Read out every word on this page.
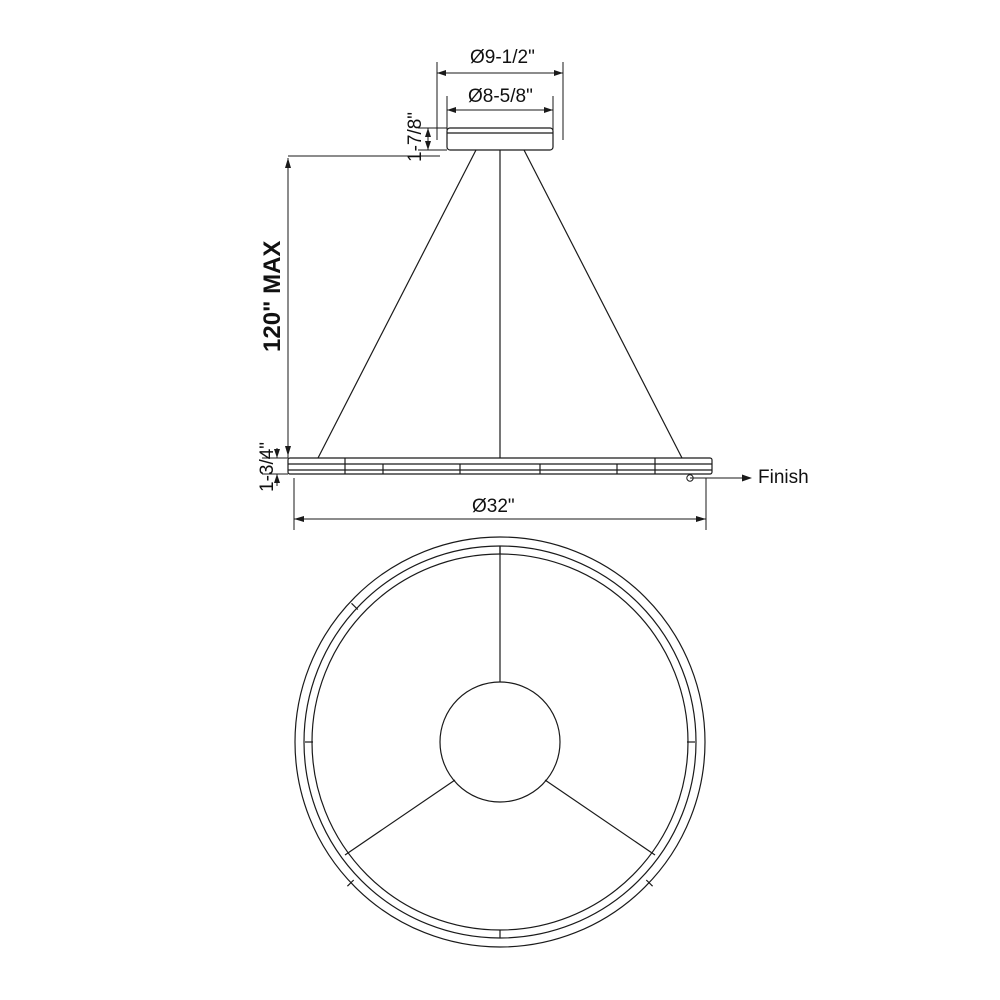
Ø9-1/2"
Ø8-5/8"
1-7/8"
120" MAX
1-3/4"
Ø32"
Finish
